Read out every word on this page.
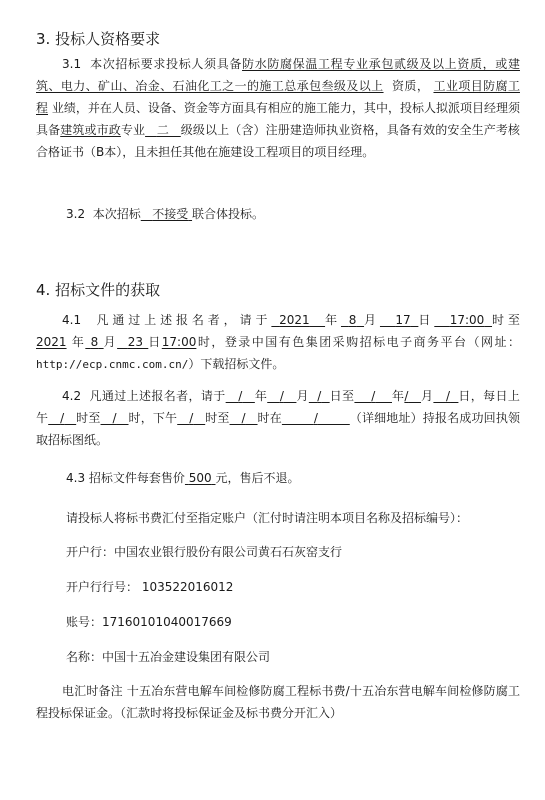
3. 投标人资格要求

3.1 本次招标要求投标人须具备防水防腐保温工程专业承包贰级及以上资质，或建筑、电力、矿山、冶金、石油化工之一的施工总承包叁级及以上 资质， 工业项目防腐工程 业绩，并在人员、设备、资金等方面具有相应的施工能力，其中，投标人拟派项目经理须具备建筑或市政专业 二 级级以上（含）注册建造师执业资格，具备有效的安全生产考核合格证书（B本），且未担任其他在施建设工程项目的项目经理。

3.2 本次招标 不接受 联合体投标。

4. 招标文件的获取

4.1 凡通过上述报名者，请于 2021 年 8 月 17 日 17:00 时至2021 年 8 月 23 日17:00时，登录中国有色集团采购招标电子商务平台（网址：http://ecp.cnmc.com.cn/）下载招标文件。

4.2 凡通过上述报名者，请于 / 年 / 月 / 日至 / 年/ 月 / 日，每日上午 / 时至 / 时，下午 / 时至 / 时在	/	（详细地址）持报名成功回执领取招标图纸。

4.3 招标文件每套售价 500 元，售后不退。

请投标人将标书费汇付至指定账户（汇付时请注明本项目名称及招标编号）：

开户行：中国农业银行股份有限公司黄石石灰窑支行

开户行行号： 103522016012

账号：17160101040017669

名称：中国十五冶金建设集团有限公司

电汇时备注 十五冶东营电解车间检修防腐工程标书费/十五冶东营电解车间检修防腐工程投标保证金。（汇款时将投标保证金及标书费分开汇入）
